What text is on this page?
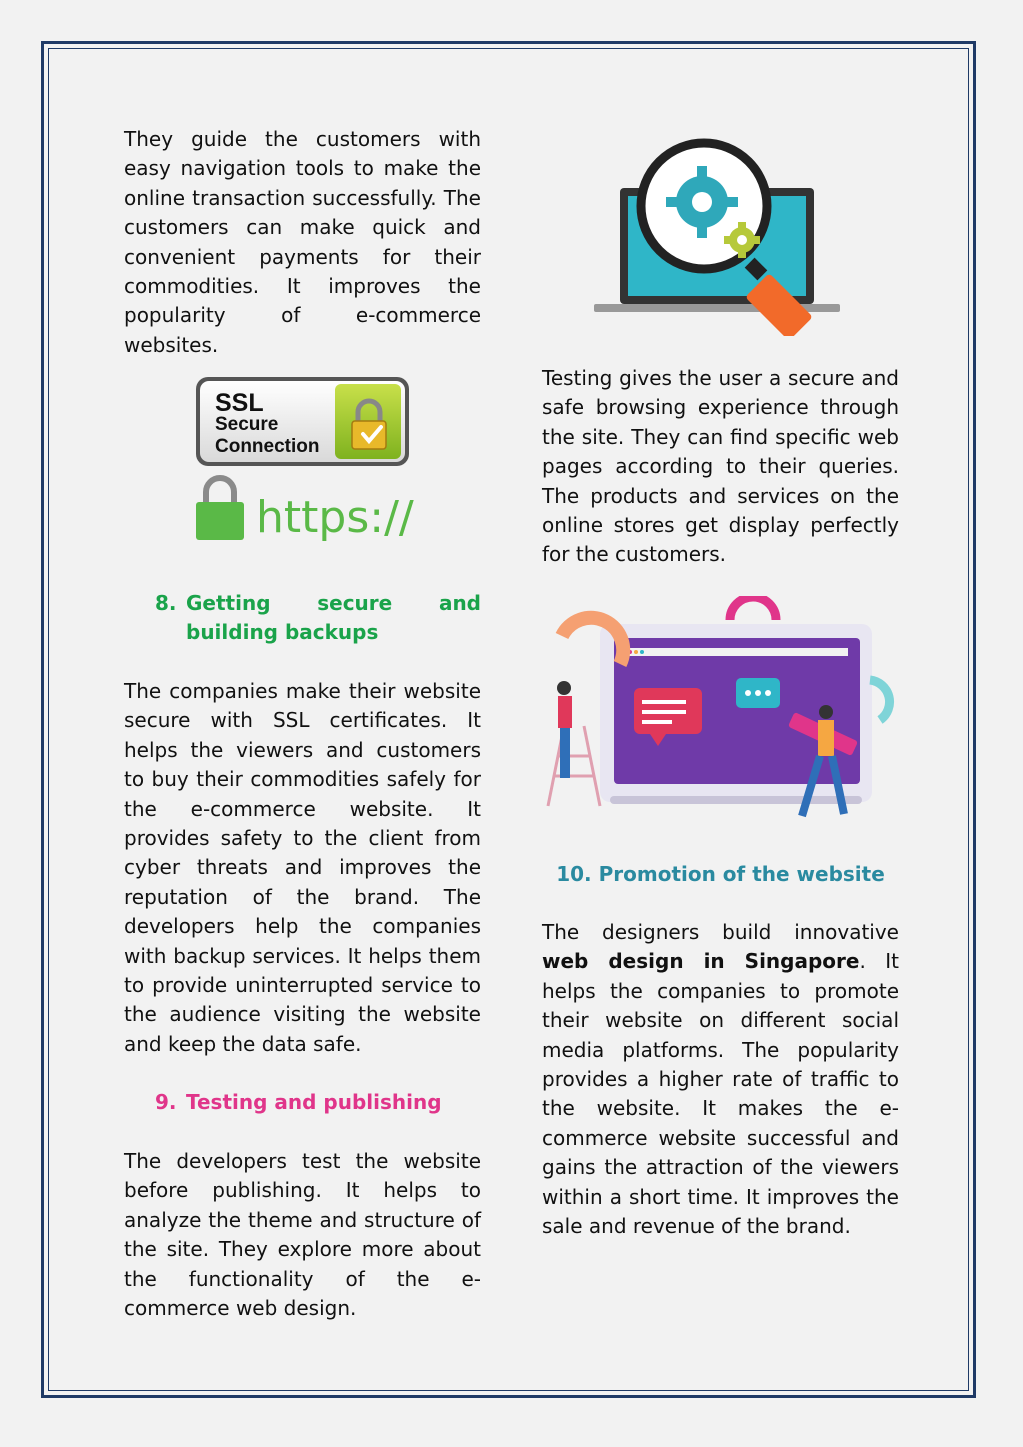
They guide the customers with easy navigation tools to make the online transaction successfully. The customers can make quick and convenient payments for their commodities. It improves the popularity of e-commerce websites.

SSL
Secure
Connection
https://
8. Getting secure and building backups

The companies make their website secure with SSL certificates. It helps the viewers and customers to buy their commodities safely for the e-commerce website. It provides safety to the client from cyber threats and improves the reputation of the brand. The developers help the companies with backup services. It helps them to provide uninterrupted service to the audience visiting the website and keep the data safe.

9. Testing and publishing

The developers test the website before publishing. It helps to analyze the theme and structure of the site. They explore more about the functionality of the e-commerce web design.

Testing gives the user a secure and safe browsing experience through the site. They can find specific web pages according to their queries. The products and services on the online stores get display perfectly for the customers.

10. Promotion of the website

The designers build innovative web design in Singapore. It helps the companies to promote their website on different social media platforms. The popularity provides a higher rate of traffic to the website. It makes the e-commerce website successful and gains the attraction of the viewers within a short time. It improves the sale and revenue of the brand.
